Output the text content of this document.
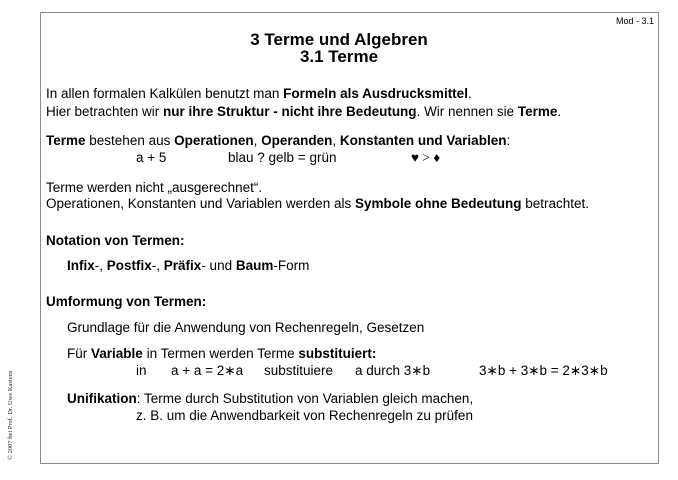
Mod - 3.1
3 Terme und Algebren
3.1 Terme
© 2007 bei Prof. Dr. Uwe Kastens
In allen formalen Kalkülen benutzt man Formeln als Ausdrucksmittel.
Hier betrachten wir nur ihre Struktur - nicht ihre Bedeutung. Wir nennen sie Terme.
Terme bestehen aus Operationen, Operanden, Konstanten und Variablen:
a + 5	blau ? gelb = grün	♥ > ♦
Terme werden nicht „ausgerechnet“.
Operationen, Konstanten und Variablen werden als Symbole ohne Bedeutung betrachtet.
Notation von Termen:
Infix-, Postfix-, Präfix- und Baum-Form
Umformung von Termen:
Grundlage für die Anwendung von Rechenregeln, Gesetzen
Für Variable in Termen werden Terme substituiert:
in a + a = 2∗a substituiere a durch 3∗b	3∗b + 3∗b = 2∗3∗b
Unifikation: Terme durch Substitution von Variablen gleich machen,
z. B. um die Anwendbarkeit von Rechenregeln zu prüfen
